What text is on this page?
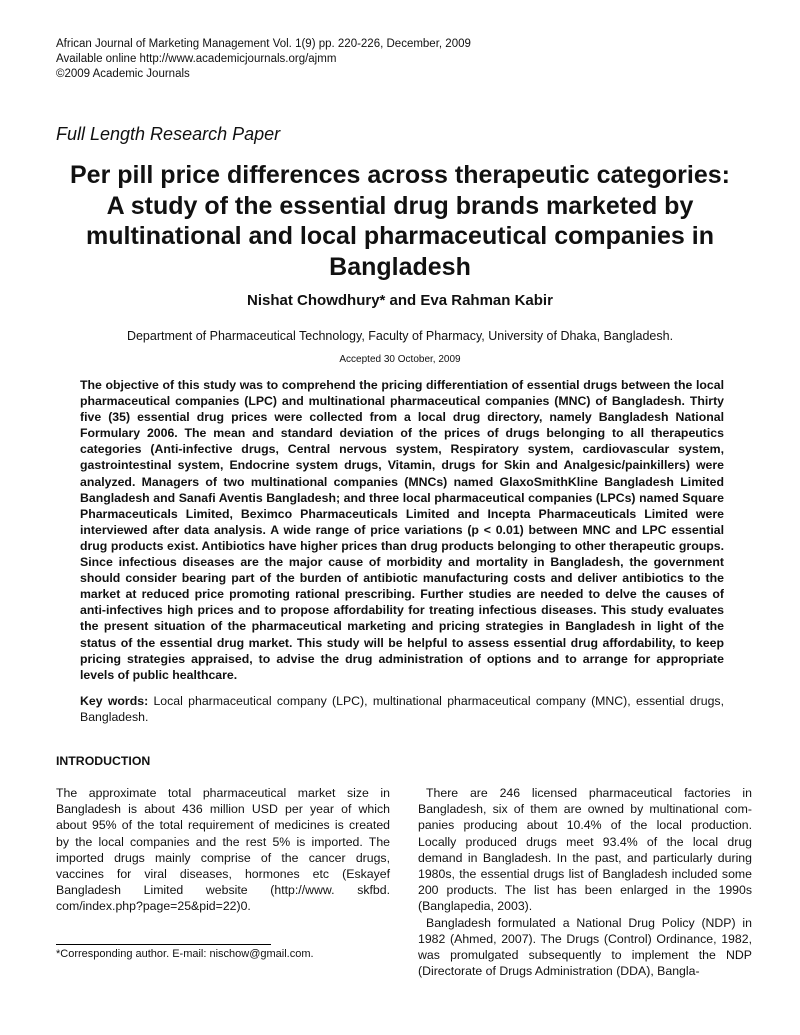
African Journal of Marketing Management Vol. 1(9) pp. 220-226, December, 2009
Available online http://www.academicjournals.org/ajmm
©2009 Academic Journals
Full Length Research Paper
Per pill price differences across therapeutic categories:
A study of the essential drug brands marketed by
multinational and local pharmaceutical companies in
Bangladesh
Nishat Chowdhury* and Eva Rahman Kabir
Department of Pharmaceutical Technology, Faculty of Pharmacy, University of Dhaka, Bangladesh.
Accepted 30 October, 2009

The objective of this study was to comprehend the pricing differentiation of essential drugs between the local pharmaceutical companies (LPC) and multinational pharmaceutical companies (MNC) of Bangladesh. Thirty five (35) essential drug prices were collected from a local drug directory, namely Bangladesh National Formulary 2006. The mean and standard deviation of the prices of drugs belonging to all therapeutics categories (Anti-infective drugs, Central nervous system, Respiratory system, cardiovascular system, gastrointestinal system, Endocrine system drugs, Vitamin, drugs for Skin and Analgesic/painkillers) were analyzed. Managers of two multinational companies (MNCs) named GlaxoSmithKline Bangladesh Limited Bangladesh and Sanafi Aventis Bangladesh; and three local pharmaceutical companies (LPCs) named Square Pharmaceuticals Limited, Beximco Pharmaceuticals Limited and Incepta Pharmaceuticals Limited were interviewed after data analysis. A wide range of price variations (p < 0.01) between MNC and LPC essential drug products exist. Antibiotics have higher prices than drug products belonging to other therapeutic groups. Since infectious diseases are the major cause of morbidity and mortality in Bangladesh, the government should consider bearing part of the burden of antibiotic manufacturing costs and deliver antibiotics to the market at reduced price promoting rational prescribing. Further studies are needed to delve the causes of anti-infectives high prices and to propose affordability for treating infectious diseases. This study evaluates the present situation of the pharmaceutical marketing and pricing strategies in Bangladesh in light of the status of the essential drug market. This study will be helpful to assess essential drug affordability, to keep pricing strategies appraised, to advise the drug administration of options and to arrange for appropriate levels of public healthcare.

Key words: Local pharmaceutical company (LPC), multinational pharmaceutical company (MNC), essential drugs, Bangladesh.

INTRODUCTION

The approximate total pharmaceutical market size in Bangladesh is about 436 million USD per year of which about 95% of the total requirement of medicines is created by the local companies and the rest 5% is imported. The imported drugs mainly comprise of the cancer drugs, vaccines for viral diseases, hormones etc (Eskayef Bangladesh Limited website (http://www. skfbd. com/index.php?page=25&pid=22)0.

There are 246 licensed pharmaceutical factories in Bangladesh, six of them are owned by multinational companies producing about 10.4% of the local production. Locally produced drugs meet 93.4% of the local drug demand in Bangladesh. In the past, and particularly during 1980s, the essential drugs list of Bangladesh included some 200 products. The list has been enlarged in the 1990s (Banglapedia, 2003).

Bangladesh formulated a National Drug Policy (NDP) in 1982 (Ahmed, 2007). The Drugs (Control) Ordinance, 1982, was promulgated subsequently to implement the NDP (Directorate of Drugs Administration (DDA), Bangla-

*Corresponding author. E-mail: nischow@gmail.com.
